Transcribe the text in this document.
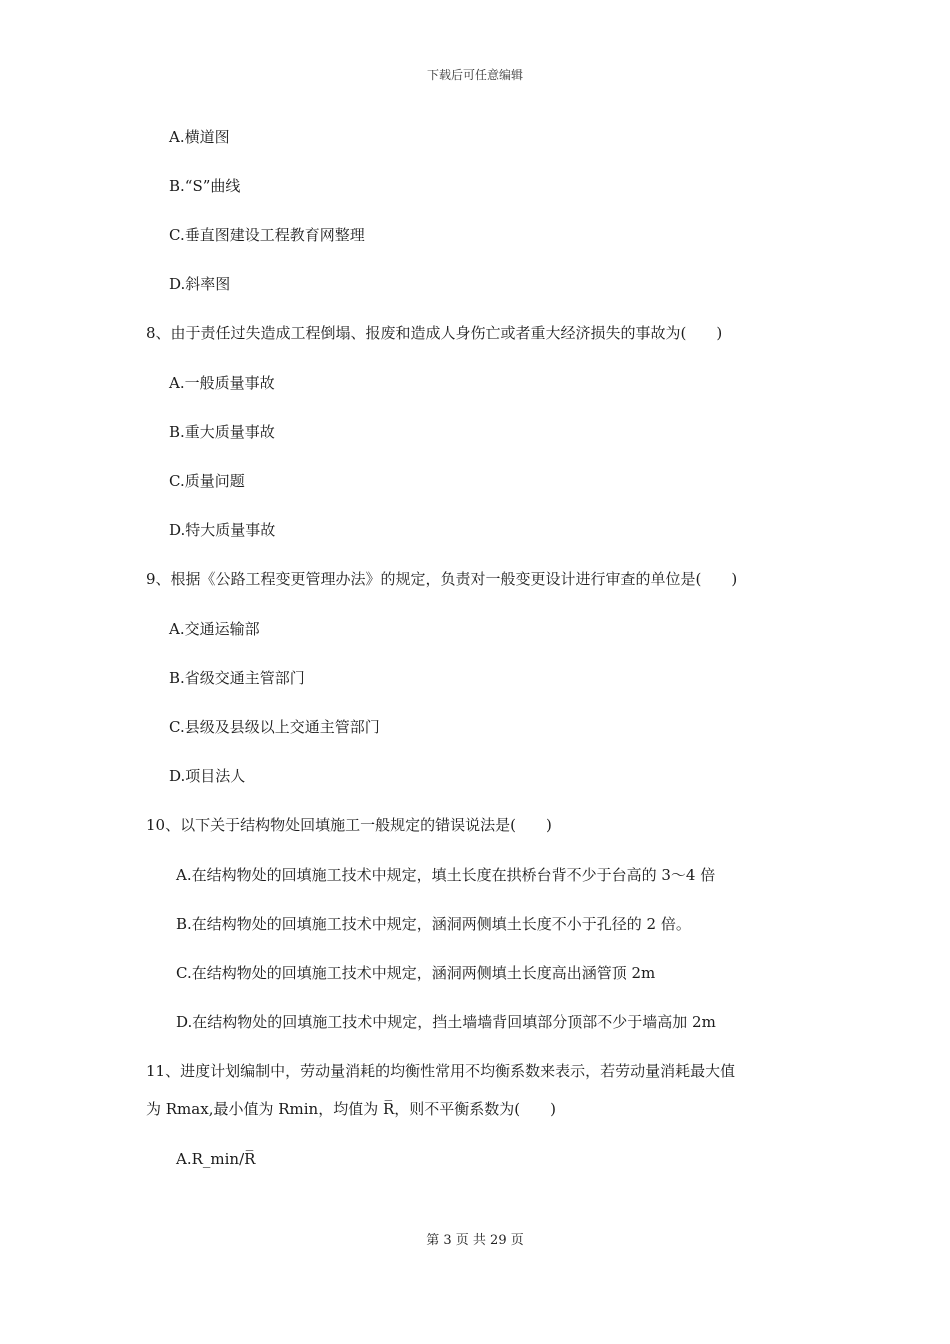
下载后可任意编辑
A.横道图
B.“S”曲线
C.垂直图建设工程教育网整理
D.斜率图
8、由于责任过失造成工程倒塌、报废和造成人身伤亡或者重大经济损失的事故为(　　)
A.一般质量事故
B.重大质量事故
C.质量问题
D.特大质量事故
9、根据《公路工程变更管理办法》的规定，负责对一般变更设计进行审查的单位是(　　)
A.交通运输部
B.省级交通主管部门
C.县级及县级以上交通主管部门
D.项目法人
10、以下关于结构物处回填施工一般规定的错误说法是(　　)
A.在结构物处的回填施工技术中规定，填土长度在拱桥台背不少于台高的 3～4 倍
B.在结构物处的回填施工技术中规定，涵洞两侧填土长度不小于孔径的 2 倍。
C.在结构物处的回填施工技术中规定，涵洞两侧填土长度高出涵管顶 2m
D.在结构物处的回填施工技术中规定，挡土墙墙背回填部分顶部不少于墙高加 2m
11、进度计划编制中，劳动量消耗的均衡性常用不均衡系数来表示，若劳动量消耗最大值
为 Rmax,最小值为 Rmin，均值为 R̅，则不平衡系数为(　　)
A.R_min/R̅
第 3 页 共 29 页
